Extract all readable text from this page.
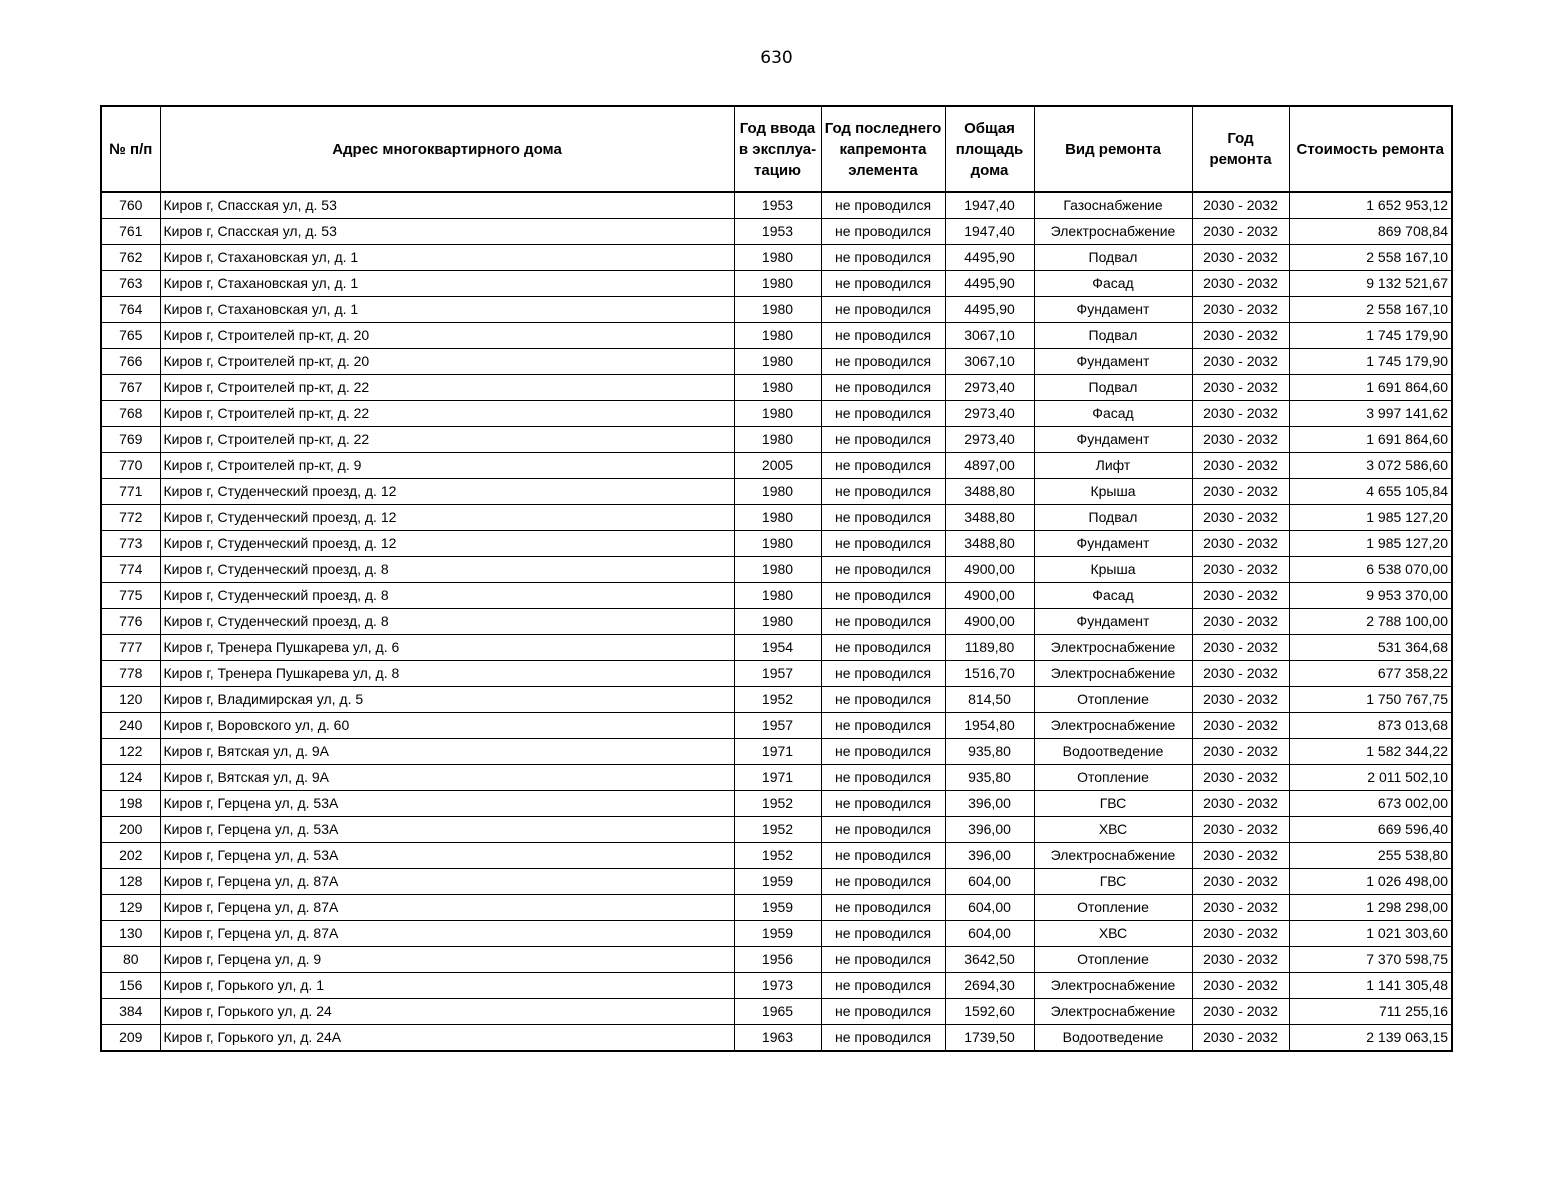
630
№ п/п	Адрес многоквартирного дома	Год ввода в эксплуа-тацию	Год последнего капремонта элемента	Общая площадь дома	Вид ремонта	Год ремонта	Стоимость ремонта
760	Киров г, Спасская ул, д. 53	1953	не проводился	1947,40	Газоснабжение	2030 - 2032	1 652 953,12
761	Киров г, Спасская ул, д. 53	1953	не проводился	1947,40	Электроснабжение	2030 - 2032	869 708,84
762	Киров г, Стахановская ул, д. 1	1980	не проводился	4495,90	Подвал	2030 - 2032	2 558 167,10
763	Киров г, Стахановская ул, д. 1	1980	не проводился	4495,90	Фасад	2030 - 2032	9 132 521,67
764	Киров г, Стахановская ул, д. 1	1980	не проводился	4495,90	Фундамент	2030 - 2032	2 558 167,10
765	Киров г, Строителей пр-кт, д. 20	1980	не проводился	3067,10	Подвал	2030 - 2032	1 745 179,90
766	Киров г, Строителей пр-кт, д. 20	1980	не проводился	3067,10	Фундамент	2030 - 2032	1 745 179,90
767	Киров г, Строителей пр-кт, д. 22	1980	не проводился	2973,40	Подвал	2030 - 2032	1 691 864,60
768	Киров г, Строителей пр-кт, д. 22	1980	не проводился	2973,40	Фасад	2030 - 2032	3 997 141,62
769	Киров г, Строителей пр-кт, д. 22	1980	не проводился	2973,40	Фундамент	2030 - 2032	1 691 864,60
770	Киров г, Строителей пр-кт, д. 9	2005	не проводился	4897,00	Лифт	2030 - 2032	3 072 586,60
771	Киров г, Студенческий проезд, д. 12	1980	не проводился	3488,80	Крыша	2030 - 2032	4 655 105,84
772	Киров г, Студенческий проезд, д. 12	1980	не проводился	3488,80	Подвал	2030 - 2032	1 985 127,20
773	Киров г, Студенческий проезд, д. 12	1980	не проводился	3488,80	Фундамент	2030 - 2032	1 985 127,20
774	Киров г, Студенческий проезд, д. 8	1980	не проводился	4900,00	Крыша	2030 - 2032	6 538 070,00
775	Киров г, Студенческий проезд, д. 8	1980	не проводился	4900,00	Фасад	2030 - 2032	9 953 370,00
776	Киров г, Студенческий проезд, д. 8	1980	не проводился	4900,00	Фундамент	2030 - 2032	2 788 100,00
777	Киров г, Тренера Пушкарева ул, д. 6	1954	не проводился	1189,80	Электроснабжение	2030 - 2032	531 364,68
778	Киров г, Тренера Пушкарева ул, д. 8	1957	не проводился	1516,70	Электроснабжение	2030 - 2032	677 358,22
120	Киров г, Владимирская ул, д. 5	1952	не проводился	814,50	Отопление	2030 - 2032	1 750 767,75
240	Киров г, Воровского ул, д. 60	1957	не проводился	1954,80	Электроснабжение	2030 - 2032	873 013,68
122	Киров г, Вятская ул, д. 9А	1971	не проводился	935,80	Водоотведение	2030 - 2032	1 582 344,22
124	Киров г, Вятская ул, д. 9А	1971	не проводился	935,80	Отопление	2030 - 2032	2 011 502,10
198	Киров г, Герцена ул, д. 53А	1952	не проводился	396,00	ГВС	2030 - 2032	673 002,00
200	Киров г, Герцена ул, д. 53А	1952	не проводился	396,00	ХВС	2030 - 2032	669 596,40
202	Киров г, Герцена ул, д. 53А	1952	не проводился	396,00	Электроснабжение	2030 - 2032	255 538,80
128	Киров г, Герцена ул, д. 87А	1959	не проводился	604,00	ГВС	2030 - 2032	1 026 498,00
129	Киров г, Герцена ул, д. 87А	1959	не проводился	604,00	Отопление	2030 - 2032	1 298 298,00
130	Киров г, Герцена ул, д. 87А	1959	не проводился	604,00	ХВС	2030 - 2032	1 021 303,60
80	Киров г, Герцена ул, д. 9	1956	не проводился	3642,50	Отопление	2030 - 2032	7 370 598,75
156	Киров г, Горького ул, д. 1	1973	не проводился	2694,30	Электроснабжение	2030 - 2032	1 141 305,48
384	Киров г, Горького ул, д. 24	1965	не проводился	1592,60	Электроснабжение	2030 - 2032	711 255,16
209	Киров г, Горького ул, д. 24А	1963	не проводился	1739,50	Водоотведение	2030 - 2032	2 139 063,15
